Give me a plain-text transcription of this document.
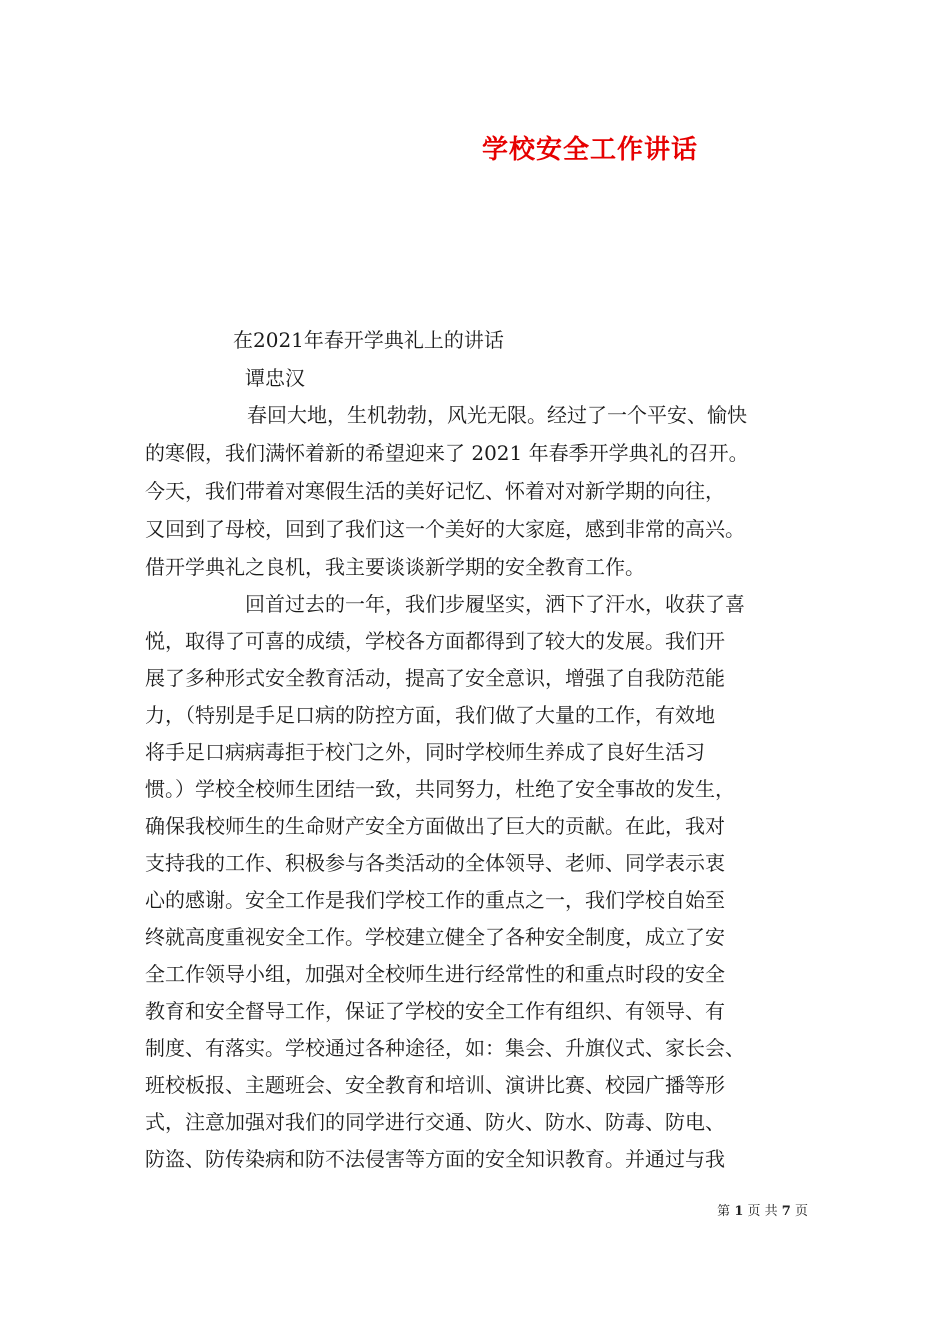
学校安全工作讲话
在2021年春开学典礼上的讲话
谭忠汉
春回大地，生机勃勃，风光无限。经过了一个平安、愉快
的寒假，我们满怀着新的希望迎来了 2021 年春季开学典礼的召开。
今天，我们带着对寒假生活的美好记忆、怀着对对新学期的向往，
又回到了母校，回到了我们这一个美好的大家庭，感到非常的高兴。
借开学典礼之良机，我主要谈谈新学期的安全教育工作。
回首过去的一年，我们步履坚实，洒下了汗水，收获了喜
悦，取得了可喜的成绩，学校各方面都得到了较大的发展。我们开
展了多种形式安全教育活动，提高了安全意识，增强了自我防范能
力，（特别是手足口病的防控方面，我们做了大量的工作，有效地
将手足口病病毒拒于校门之外，同时学校师生养成了良好生活习
惯。）学校全校师生团结一致，共同努力，杜绝了安全事故的发生，
确保我校师生的生命财产安全方面做出了巨大的贡献。在此，我对
支持我的工作、积极参与各类活动的全体领导、老师、同学表示衷
心的感谢。安全工作是我们学校工作的重点之一，我们学校自始至
终就高度重视安全工作。学校建立健全了各种安全制度，成立了安
全工作领导小组，加强对全校师生进行经常性的和重点时段的安全
教育和安全督导工作，保证了学校的安全工作有组织、有领导、有
制度、有落实。学校通过各种途径，如：集会、升旗仪式、家长会、
班校板报、主题班会、安全教育和培训、演讲比赛、校园广播等形
式，注意加强对我们的同学进行交通、防火、防水、防毒、防电、
防盗、防传染病和防不法侵害等方面的安全知识教育。并通过与我
第 1 页 共 7 页
